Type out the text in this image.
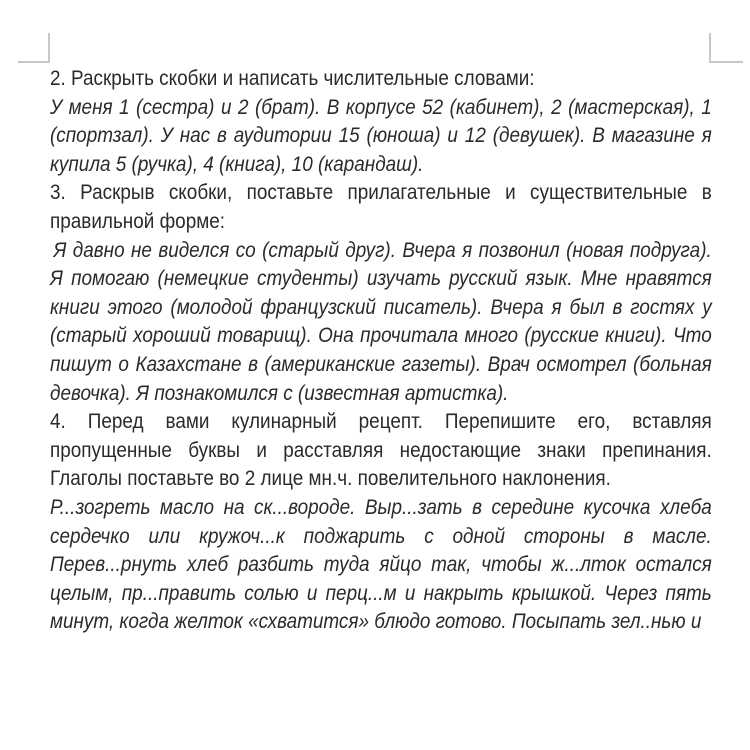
2. Раскрыть скобки и написать числительные словами:

У меня 1 (сестра) и 2 (брат). В корпусе 52 (кабинет), 2 (мастерская), 1 (спортзал). У нас в аудитории 15 (юноша) и 12 (девушек). В магазине я купила 5 (ручка), 4 (книга), 10 (карандаш).

3. Раскрыв скобки, поставьте прилагательные и существительные в правильной форме:

Я давно не виделся со (старый друг). Вчера я позвонил (новая подруга). Я помогаю (немецкие студенты) изучать русский язык. Мне нравятся книги этого (молодой французский писатель). Вчера я был в гостях у (старый хороший товарищ). Она прочитала много (русские книги). Что пишут о Казахстане в (американские газеты). Врач осмотрел (больная девочка). Я познакомился с (известная артистка).

4. Перед вами кулинарный рецепт. Перепишите его, вставляя пропущенные буквы и расставляя недостающие знаки препинания. Глаголы поставьте во 2 лице мн.ч. повелительного наклонения.

Р...зогреть масло на ск...вороде. Выр...зать в середине кусочка хлеба сердечко или кружоч...к поджарить с одной стороны в масле. Перев...рнуть хлеб разбить туда яйцо так, чтобы ж...лток остался целым, пр...править солью и перц...м и накрыть крышкой. Через пять минут, когда желток «схватится» блюдо готово. Посыпать зел..нью и
